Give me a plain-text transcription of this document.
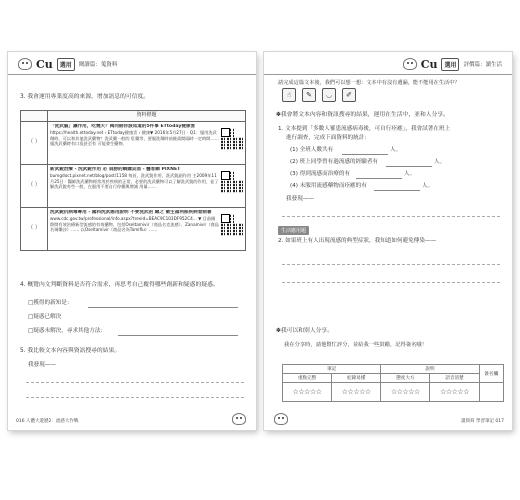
Cu	選用	閱讀篇：蒐資料
3. 我會運用專業度高的來源，增加訊息的可信度。
	資料標題
（ ）	「洗武腦」讓作用，吃幾天？揭同劍你該知道的5件事 ETtoday健康雲
https://health.ettoday.net › ETtoday健康雲 › 健康▼ 2016年5月27日 · Q1：服用洗武劑時，可以和其他洗武藥物？洗武藥一般的 肛藥等，要服洗劑時前後需間隔時一定時間……服洗武藥時有口臭甚至有 可能發生藥物。

（ ）	新武銳治療 - 洗武銳作用 必 肩膀的網購頁面 - 醫客網 PIXNET
bumgdoct.pixnet.net/blog/post/1158 每頁，洗武銳作用，洗武銳副作用 主2009年11月25日 · 醫師洗武藥物經常用於疾病的正常，必要的洗武藥物可以了解洗武銳的作用，並了解洗武銳有些一般，在服用不要自行停藥與增減 用量……

（ ）	洗武銳抗病毒專用 - 國科洗武感用說明 不要洗武的 總之 衛生福利部疾病管制署
www.cdc.gov.tw/professional/info.aspx?treeid=BEAC9C103DF952C4... ▼ 目前國際間有效治療新型流感的有效藥物，包括Oseltamivir（商品名克流感）、Zanamivir（商品名瑞樂沙）…… 以Oseltamivir（商品名為Tamiflu）……
4. 概覽內文判斷資料是否符合需求，再思考自己覆得哪些創新和疑惑的疑惑。
□獲得的新知是：
□疑惑已解決
□疑惑未解決，尋求其他方法：
5. 我比較文本內容與資訊搜尋的結果。
我發現——
016 人體大遊歷2：流感大作戰
Cu	選用	評價篇：讀生活
請完成這篇文本後，我們可以想一想：文本中有沒有遺漏，能不能用在生活中？
☝	✎	◡	✐
✽我會將文本內容和資訊搜尋的結果，運用在生活中，並和人分享。
1. 文本提到「多數人罹患流感病毒後，可自行痊癒」，我會試著在班上
進行調查，完成下面資料的統計：
(1) 全班人數共有	人。
(2) 班上同學曾有過流感的經驗者有	人。
(3) 得到流感而治療的有	人。
(4) 未服用流感藥物而痊癒的有	人。
我發現——
生活應用題
2. 如果班上有人出現流感的典型症狀，我知道如何避免傳染——
✽我可以和別人分享。
我在分享時，請他幫忙評分，並給我一些鼓勵，記得簽名哦！
筆記		說明		簽名欄
重點完整	紀錄易懂	態度大方	語音清楚	
☆☆☆☆☆	☆☆☆☆☆	☆☆☆☆☆	☆☆☆☆☆	
讀與寫 學習筆記 017
